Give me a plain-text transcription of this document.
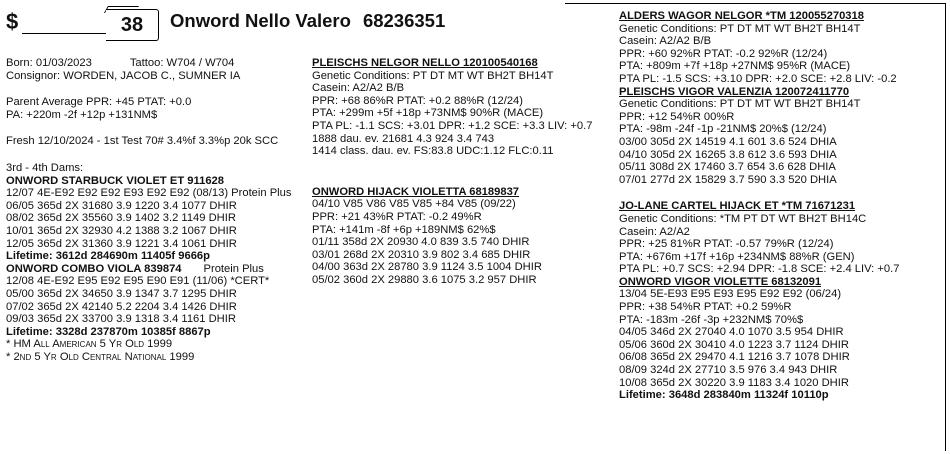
$	38	Onword Nello Valero 68236351
Born: 01/03/2023	Tattoo: W704 / W704
Consignor: WORDEN, JACOB C., SUMNER IA
Parent Average PPR: +45 PTAT: +0.0
PA: +220m -2f +12p +131NM$
Fresh 12/10/2024 - 1st Test 70# 3.4%f 3.3%p 20k SCC
3rd - 4th Dams:
ONWORD STARBUCK VIOLET ET 911628
12/07 4E-E92 E92 E92 E93 E92 E92 (08/13) Protein Plus
06/05 365d 2X 31680 3.9 1220 3.4 1077 DHIR
08/02 365d 2X 35560 3.9 1402 3.2 1149 DHIR
10/01 365d 2X 32930 4.2 1388 3.2 1067 DHIR
12/05 365d 2X 31360 3.9 1221 3.4 1061 DHIR
Lifetime: 3612d 284690m 11405f 9666p
ONWORD COMBO VIOLA 839874 Protein Plus
12/08 4E-E92 E95 E92 E95 E90 E91 (11/06) *CERT*
05/00 365d 2X 34650 3.9 1347 3.7 1295 DHIR
07/02 365d 2X 42140 5.2 2204 3.4 1426 DHIR
09/03 365d 2X 33700 3.9 1318 3.4 1161 DHIR
Lifetime: 3328d 237870m 10385f 8867p
* HM All American 5 Yr Old 1999
* 2nd 5 Yr Old Central National 1999
PLEISCHS NELGOR NELLO 120100540168
Genetic Conditions: PT DT MT WT BH2T BH14T
Casein: A2/A2 B/B
PPR: +68 86%R PTAT: +0.2 88%R (12/24)
PTA: +299m +5f +18p +73NM$ 90%R (MACE)
PTA PL: -1.1 SCS: +3.01 DPR: +1.2 SCE: +3.3 LIV: +0.7
1888 dau. ev. 21681 4.3 924 3.4 743
1414 class. dau. ev. FS:83.8 UDC:1.12 FLC:0.11
ONWORD HIJACK VIOLETTA 68189837
04/10 V85 V86 V85 V85 +84 V85 (09/22)
PPR: +21 43%R PTAT: -0.2 49%R
PTA: +141m -8f +6p +189NM$ 62%$
01/11 358d 2X 20930 4.0 839 3.5 740 DHIR
03/01 268d 2X 20310 3.9 802 3.4 685 DHIR
04/00 363d 2X 28780 3.9 1124 3.5 1004 DHIR
05/02 360d 2X 29880 3.6 1075 3.2 957 DHIR
ALDERS WAGOR NELGOR *TM 120055270318
Genetic Conditions: PT DT MT WT BH2T BH14T
Casein: A2/A2 B/B
PPR: +60 92%R PTAT: -0.2 92%R (12/24)
PTA: +809m +7f +18p +27NM$ 95%R (MACE)
PTA PL: -1.5 SCS: +3.10 DPR: +2.0 SCE: +2.8 LIV: -0.2
PLEISCHS VIGOR VALENZIA 120072411770
Genetic Conditions: PT DT MT WT BH2T BH14T
PPR: +12 54%R 00%R
PTA: -98m -24f -1p -21NM$ 20%$ (12/24)
03/00 305d 2X 14519 4.1 601 3.6 524 DHIA
04/10 305d 2X 16265 3.8 612 3.6 593 DHIA
05/11 308d 2X 17460 3.7 654 3.6 628 DHIA
07/01 277d 2X 15829 3.7 590 3.3 520 DHIA
JO-LANE CARTEL HIJACK ET *TM 71671231
Genetic Conditions: *TM PT DT WT BH2T BH14C
Casein: A2/A2
PPR: +25 81%R PTAT: -0.57 79%R (12/24)
PTA: +676m +17f +16p +234NM$ 88%R (GEN)
PTA PL: +0.7 SCS: +2.94 DPR: -1.8 SCE: +2.4 LIV: +0.7
ONWORD VIGOR VIOLETTE 68132091
13/04 5E-E93 E95 E93 E95 E92 E92 (06/24)
PPR: +38 54%R PTAT: +0.2 59%R
PTA: -183m -26f -3p +232NM$ 70%$
04/05 346d 2X 27040 4.0 1070 3.5 954 DHIR
05/06 360d 2X 30410 4.0 1223 3.7 1124 DHIR
06/08 365d 2X 29470 4.1 1216 3.7 1078 DHIR
08/09 324d 2X 27710 3.5 976 3.4 943 DHIR
10/08 365d 2X 30220 3.9 1183 3.4 1020 DHIR
Lifetime: 3648d 283840m 11324f 10110p
